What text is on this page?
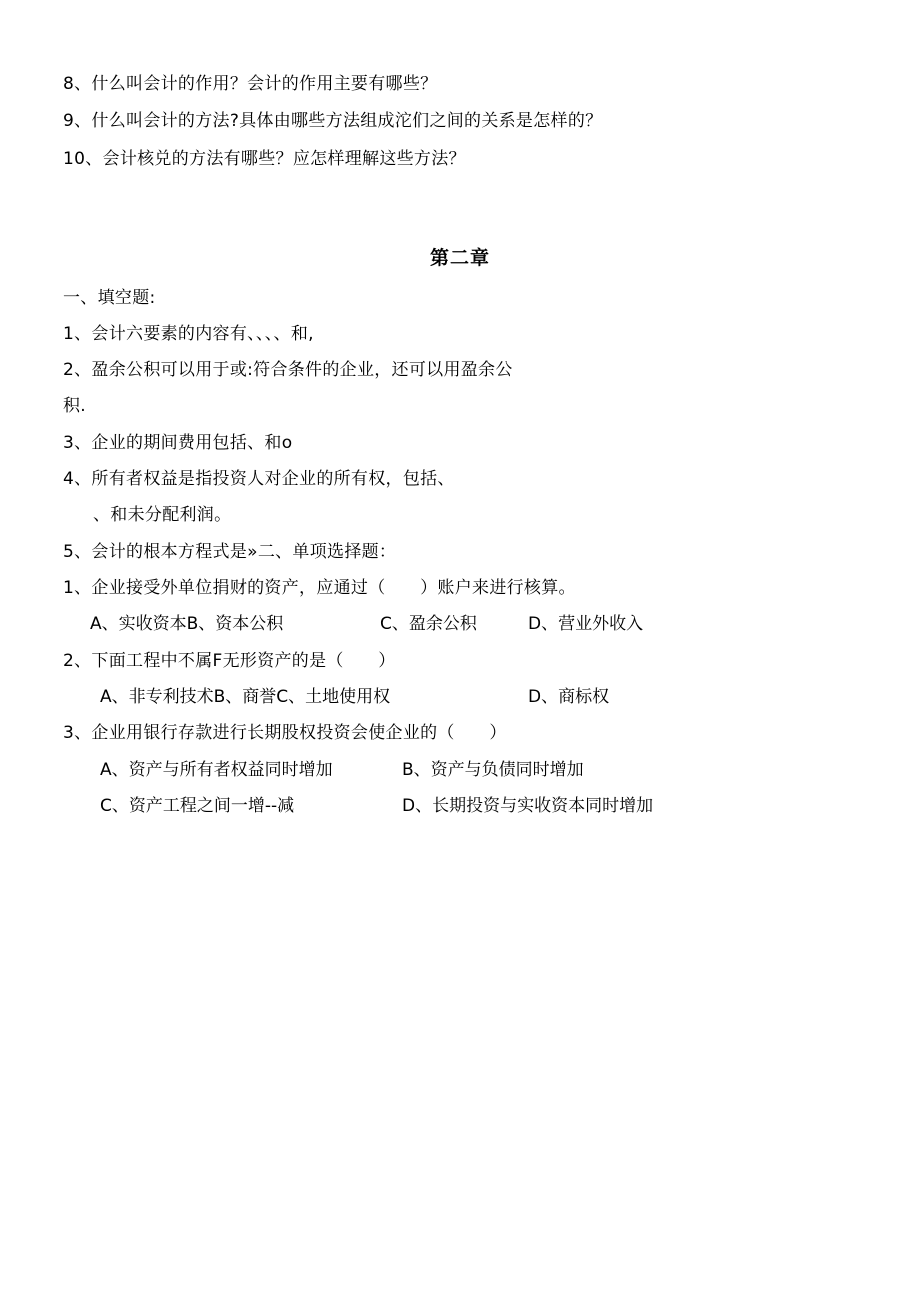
8、什么叫会计的作用？会计的作用主要有哪些？
9、什么叫会计的方法?具体由哪些方法组成沱们之间的关系是怎样的？
10、会计核兑的方法有哪些？应怎样理解这些方法？
第二章
一、填空题:
1、会计六要素的内容有、、、、和,
2、盈余公积可以用于或:符合条件的企业，还可以用盈余公
积.
3、企业的期间费用包括、和o
4、所有者权益是指投资人对企业的所有权，包括、
、和未分配利润。
5、会计的根本方程式是»二、单项选择题：
1、企业接受外单位捐财的资产，应通过（　　）账户来进行核算。
A、实收资本B、资本公积	C、盈余公积	D、营业外收入
2、下面工程中不属F无形资产的是（　　）
A、非专利技术B、商誉C、土地使用权	D、商标权
3、企业用银行存款进行长期股权投资会使企业的（　　）
A、资产与所有者权益同时增加	B、资产与负债同时增加
C、资产工程之间一增--减	D、长期投资与实收资本同时增加
